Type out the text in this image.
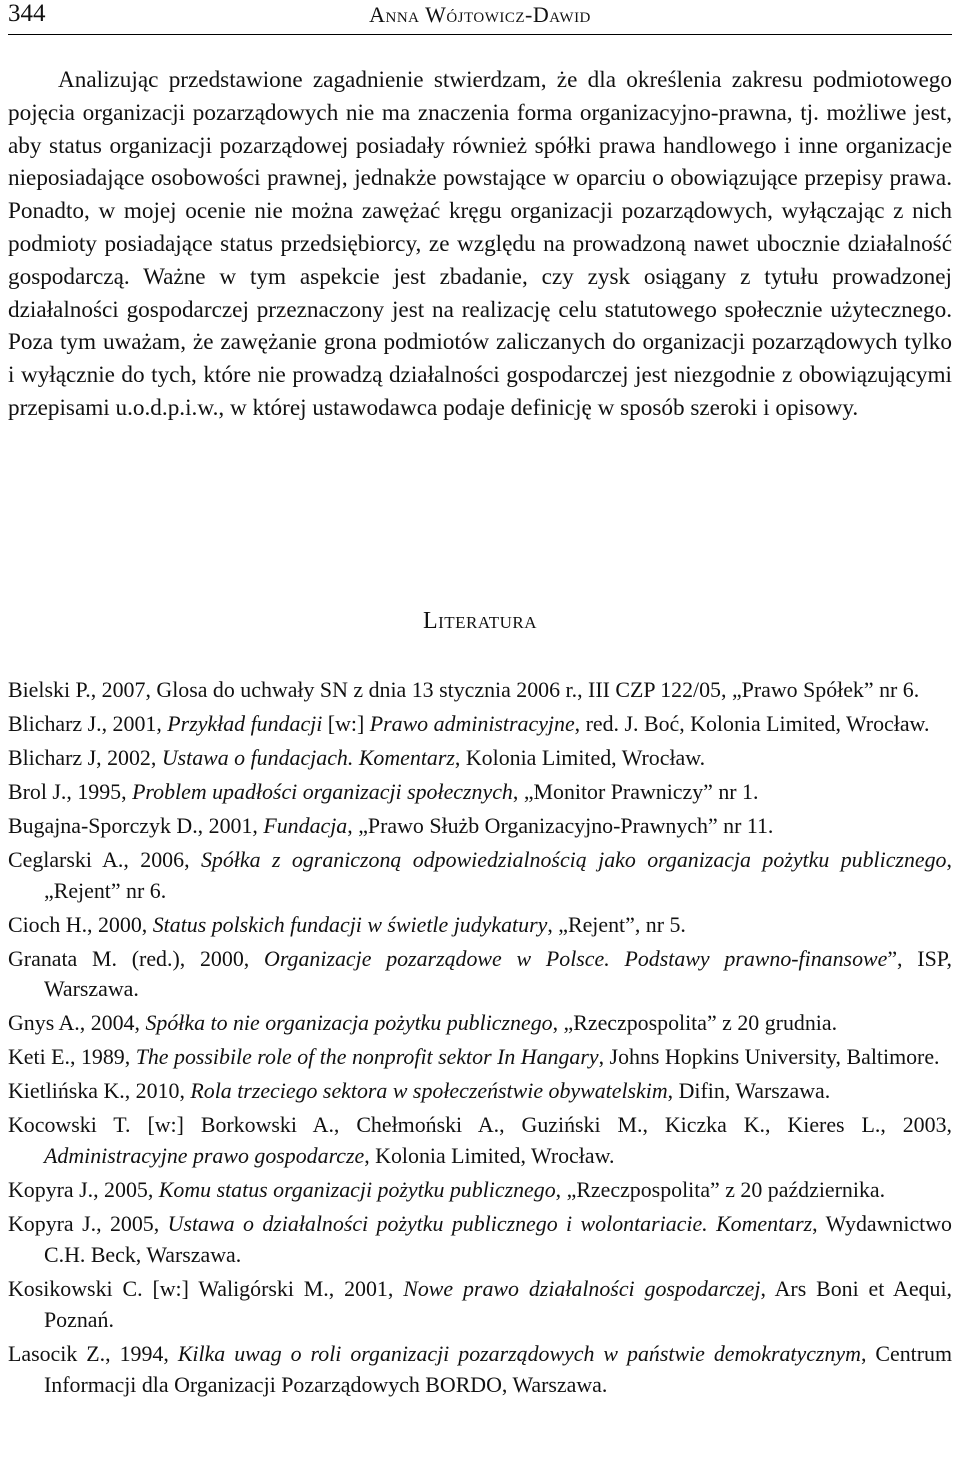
344	Anna Wójtowicz-Dawid

Analizując przedstawione zagadnienie stwierdzam, że dla określenia zakresu podmiotowego pojęcia organizacji pozarządowych nie ma znaczenia forma organizacyjno-prawna, tj. możliwe jest, aby status organizacji pozarządowej posiadały również spółki prawa handlowego i inne organizacje nieposiadające osobowości prawnej, jednakże powstające w oparciu o obowiązujące przepisy prawa. Ponadto, w mojej ocenie nie można zawężać kręgu organizacji pozarządowych, wyłączając z nich podmioty posiadające status przedsiębiorcy, ze względu na prowadzoną nawet ubocznie działalność gospodarczą. Ważne w tym aspekcie jest zbadanie, czy zysk osiągany z tytułu prowadzonej działalności gospodarczej przeznaczony jest na realizację celu statutowego społecznie użytecznego. Poza tym uważam, że zawężanie grona podmiotów zaliczanych do organizacji pozarządowych tylko i wyłącznie do tych, które nie prowadzą działalności gospodarczej jest niezgodnie z obowiązującymi przepisami u.o.d.p.i.w., w której ustawodawca podaje definicję w sposób szeroki i opisowy.

Literatura

Bielski P., 2007, Glosa do uchwały SN z dnia 13 stycznia 2006 r., III CZP 122/05, „Prawo Spółek” nr 6.

Blicharz J., 2001, Przykład fundacji [w:] Prawo administracyjne, red. J. Boć, Kolonia Limited, Wrocław.

Blicharz J, 2002, Ustawa o fundacjach. Komentarz, Kolonia Limited, Wrocław.

Brol J., 1995, Problem upadłości organizacji społecznych, „Monitor Prawniczy” nr 1.

Bugajna-Sporczyk D., 2001, Fundacja, „Prawo Służb Organizacyjno-Prawnych” nr 11.

Ceglarski A., 2006, Spółka z ograniczoną odpowiedzialnością jako organizacja pożytku publicznego, „Rejent” nr 6.

Cioch H., 2000, Status polskich fundacji w świetle judykatury, „Rejent”, nr 5.

Granata M. (red.), 2000, Organizacje pozarządowe w Polsce. Podstawy prawno-finansowe”, ISP, Warszawa.

Gnys A., 2004, Spółka to nie organizacja pożytku publicznego, „Rzeczpospolita” z 20 grudnia.

Keti E., 1989, The possibile role of the nonprofit sektor In Hangary, Johns Hopkins University, Baltimore.

Kietlińska K., 2010, Rola trzeciego sektora w społeczeństwie obywatelskim, Difin, Warszawa.

Kocowski T. [w:] Borkowski A., Chełmoński A., Guziński M., Kiczka K., Kieres L., 2003, Administracyjne prawo gospodarcze, Kolonia Limited, Wrocław.

Kopyra J., 2005, Komu status organizacji pożytku publicznego, „Rzeczpospolita” z 20 października.

Kopyra J., 2005, Ustawa o działalności pożytku publicznego i wolontariacie. Komentarz, Wydawnictwo C.H. Beck, Warszawa.

Kosikowski C. [w:] Waligórski M., 2001, Nowe prawo działalności gospodarczej, Ars Boni et Aequi, Poznań.

Lasocik Z., 1994, Kilka uwag o roli organizacji pozarządowych w państwie demokratycznym, Centrum Informacji dla Organizacji Pozarządowych BORDO, Warszawa.
